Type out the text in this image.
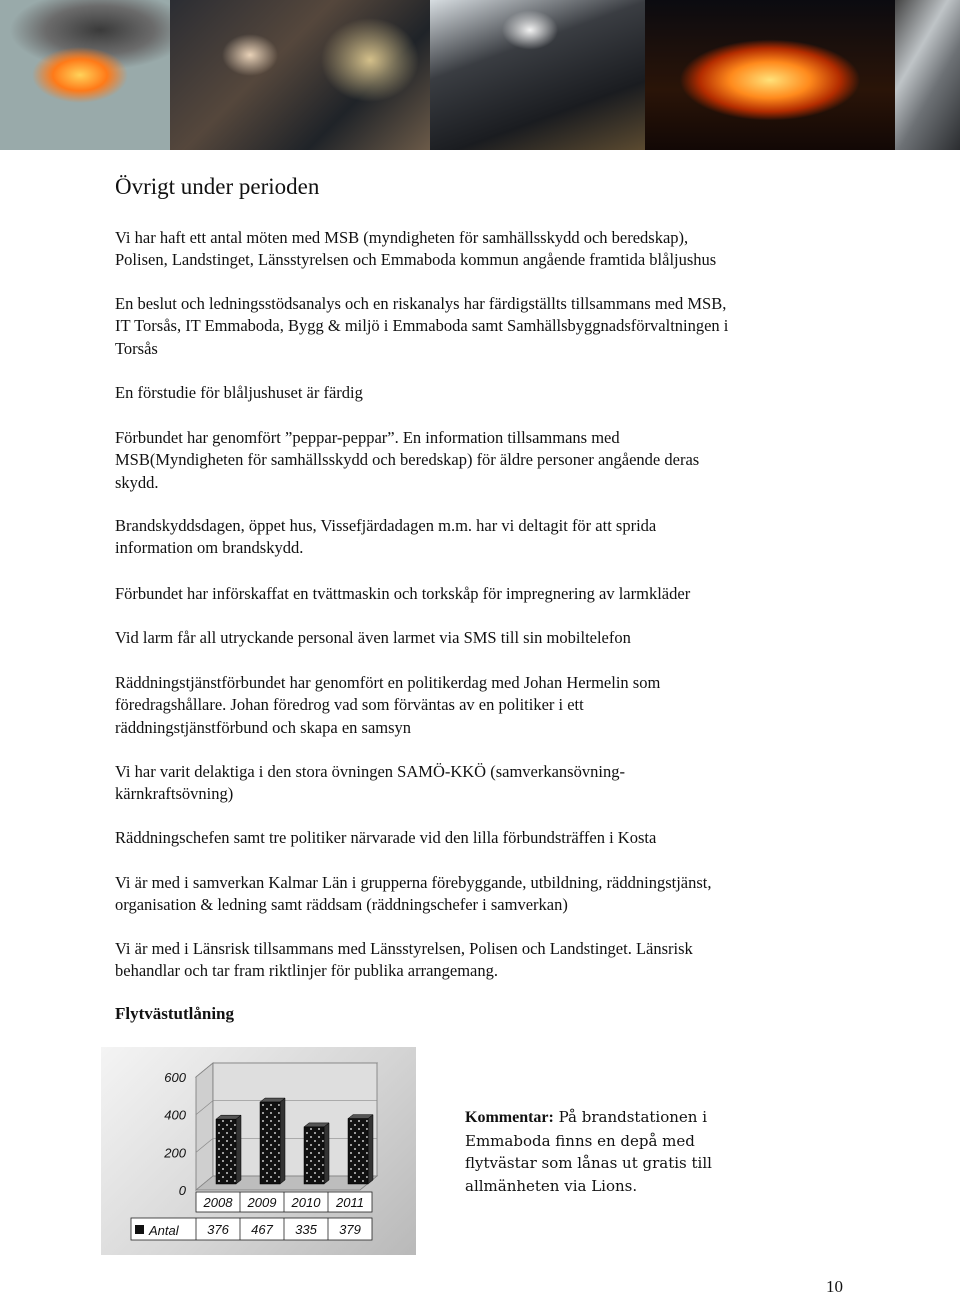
Övrigt under perioden

Vi har haft ett antal möten med MSB (myndigheten för samhällsskydd och beredskap),
Polisen, Landstinget, Länsstyrelsen och Emmaboda kommun angående framtida blåljushus

En beslut och ledningsstödsanalys och en riskanalys har färdigställts tillsammans med MSB,
IT Torsås, IT Emmaboda, Bygg & miljö i Emmaboda samt Samhällsbyggnadsförvaltningen i
Torsås

En förstudie för blåljushuset är färdig

Förbundet har genomfört ”peppar-peppar”. En information tillsammans med
MSB(Myndigheten för samhällsskydd och beredskap) för äldre personer angående deras
skydd.

Brandskyddsdagen, öppet hus, Vissefjärdadagen m.m. har vi deltagit för att sprida
information om brandskydd.

Förbundet har införskaffat en tvättmaskin och torkskåp för impregnering av larmkläder

Vid larm får all utryckande personal även larmet via SMS till sin mobiltelefon

Räddningstjänstförbundet har genomfört en politikerdag med Johan Hermelin som
föredragshållare. Johan föredrog vad som förväntas av en politiker i ett
räddningstjänstförbund och skapa en samsyn

Vi har varit delaktiga i den stora övningen SAMÖ-KKÖ (samverkansövning-
kärnkraftsövning)

Räddningschefen samt tre politiker närvarade vid den lilla förbundsträffen i Kosta

Vi är med i samverkan Kalmar Län i grupperna förebyggande, utbildning, räddningstjänst,
organisation & ledning samt räddsam (räddningschefer i samverkan)

Vi är med i Länsrisk tillsammans med Länsstyrelsen, Polisen och Landstinget. Länsrisk
behandlar och tar fram riktlinjer för publika arrangemang.

Flytvästutlåning
0
200
400
600
Antal
2008
376
2009
467
2010
335
2011
379

Kommentar: På brandstationen i
Emmaboda finns en depå med
flytvästar som lånas ut gratis till
allmänheten via Lions.

10
